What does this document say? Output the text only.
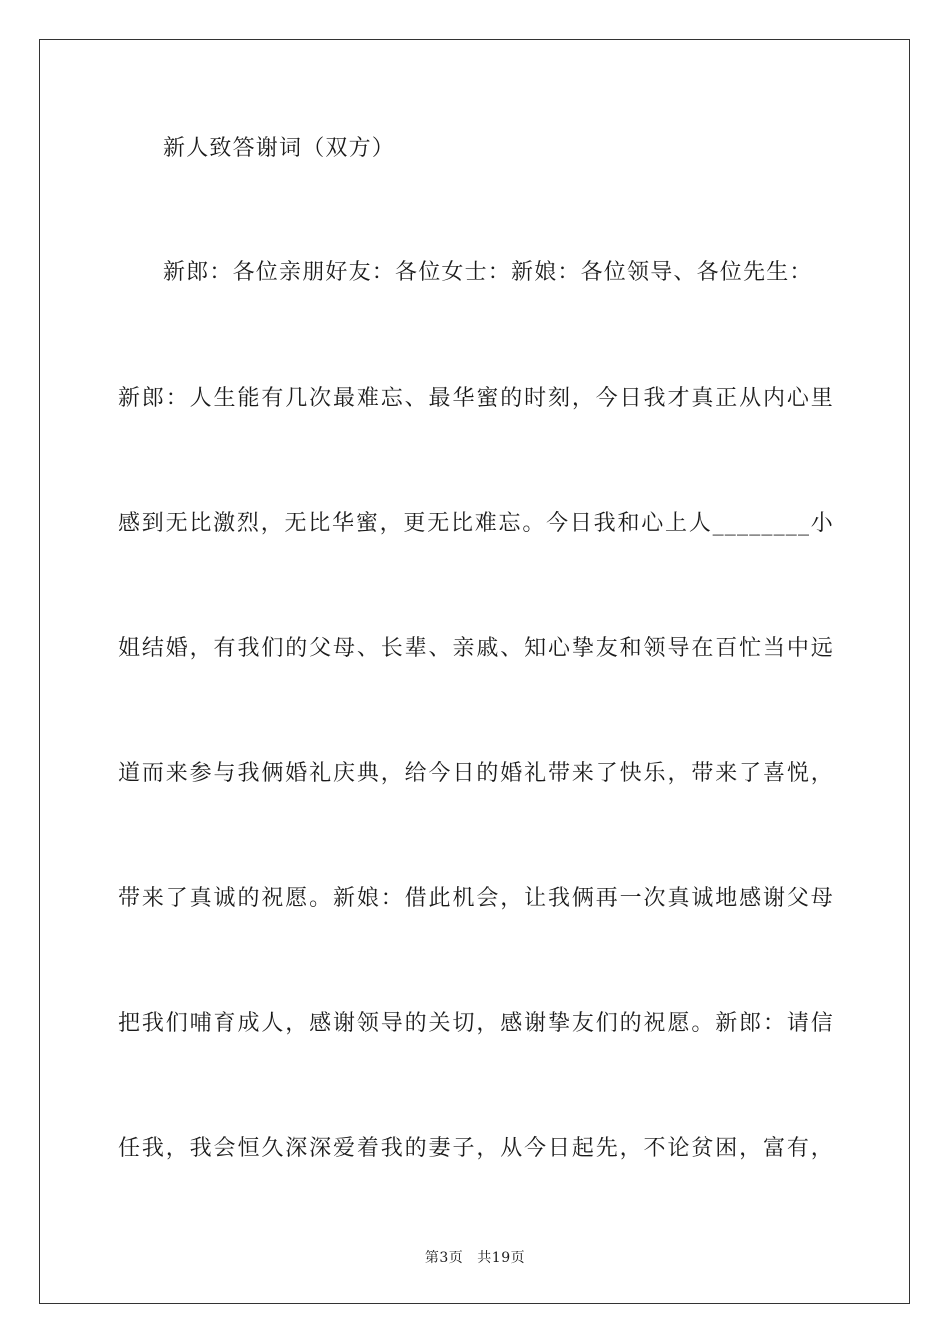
新人致答谢词（双方）
新郎：各位亲朋好友：各位女士：新娘：各位领导、各位先生：
新郎：人生能有几次最难忘、最华蜜的时刻，今日我才真正从内心里
感到无比激烈，无比华蜜，更无比难忘。今日我和心上人________小
姐结婚，有我们的父母、长辈、亲戚、知心挚友和领导在百忙当中远
道而来参与我俩婚礼庆典，给今日的婚礼带来了快乐，带来了喜悦，
带来了真诚的祝愿。新娘：借此机会，让我俩再一次真诚地感谢父母
把我们哺育成人，感谢领导的关切，感谢挚友们的祝愿。新郎：请信
任我，我会恒久深深爱着我的妻子，从今日起先，不论贫困，富有，
第3页 共19页
